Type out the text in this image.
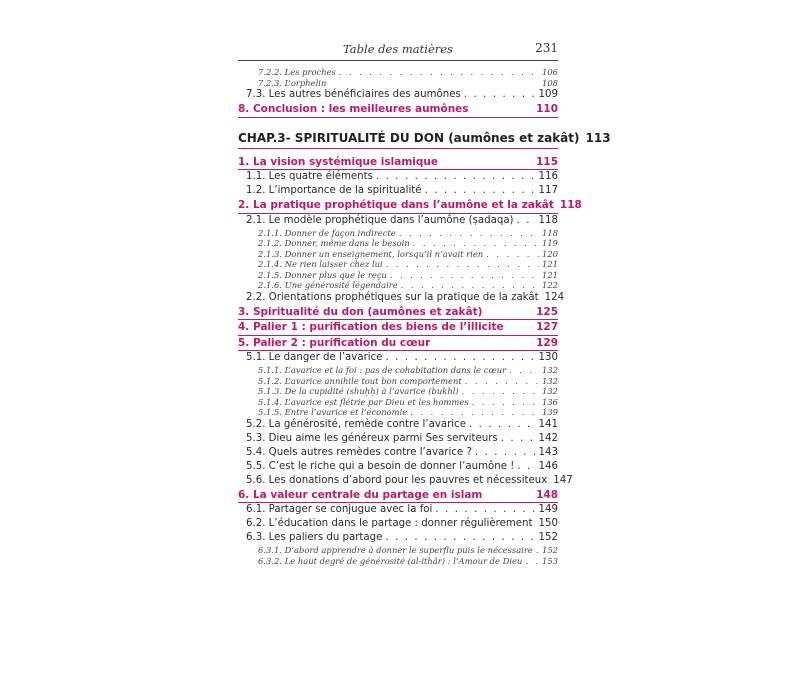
Table des matières	231
7.2.2. Les proches . . .	106
7.2.3. L’orphelin	108
7.3. Les autres bénéficiaires des aumônes . . .	109
8. Conclusion : les meilleures aumônes	110
CHAP.3- SPIRITUALITÉ DU DON (aumônes et zakât) 113
1. La vision systémique islamique	115
1.1. Les quatre éléments . . .	116
1.2. L’importance de la spiritualité . . .	117
2. La pratique prophétique dans l’aumône et la zakât 118
2.1. Le modèle prophétique dans l’aumône (ṣadaqa) . . . 118
2.1.1. Donner de façon indirecte . . .	118
2.1.2. Donner, même dans le besoin . . .	119
2.1.3. Donner un enseignement, lorsqu’il n’avait rien . . .	120
2.1.4. Ne rien laisser chez lui . . .	121
2.1.5. Donner plus que le reçu . . .	121
2.1.6. Une générosité légendaire . . .	122
2.2. Orientations prophétiques sur la pratique de la zakât 124
3. Spiritualité du don (aumônes et zakât)	125
4. Palier 1 : purification des biens de l’illicite	127
5. Palier 2 : purification du cœur	129
5.1. Le danger de l’avarice . . .	130
5.1.1. L’avarice et la foi : pas de cohabitation dans le cœur . . .	132
5.1.2. L’avarice annihile tout bon comportement . . .	132
5.1.3. De la cupidité (shuḥḥ) à l’avarice (bukhl) . . .	132
5.1.4. L’avarice est flétrie par Dieu et les hommes . . .	136
5.1.5. Entre l’avarice et l’économie . . .	139
5.2. La générosité, remède contre l’avarice . . .	141
5.3. Dieu aime les généreux parmi Ses serviteurs . . .	142
5.4. Quels autres remèdes contre l’avarice ? . . .	143
5.5. C’est le riche qui a besoin de donner l’aumône ! . . . 146
5.6. Les donations d’abord pour les pauvres et nécessiteux 147
6. La valeur centrale du partage en islam	148
6.1. Partager se conjugue avec la foi . . .	149
6.2. L’éducation dans le partage : donner régulièrement . . . 150
6.3. Les paliers du partage . . .	152
6.3.1. D’abord apprendre à donner le superflu puis le nécessaire . . . 152
6.3.2. Le haut degré de générosité (al-ithâr) : l’Amour de Dieu . . . 153
